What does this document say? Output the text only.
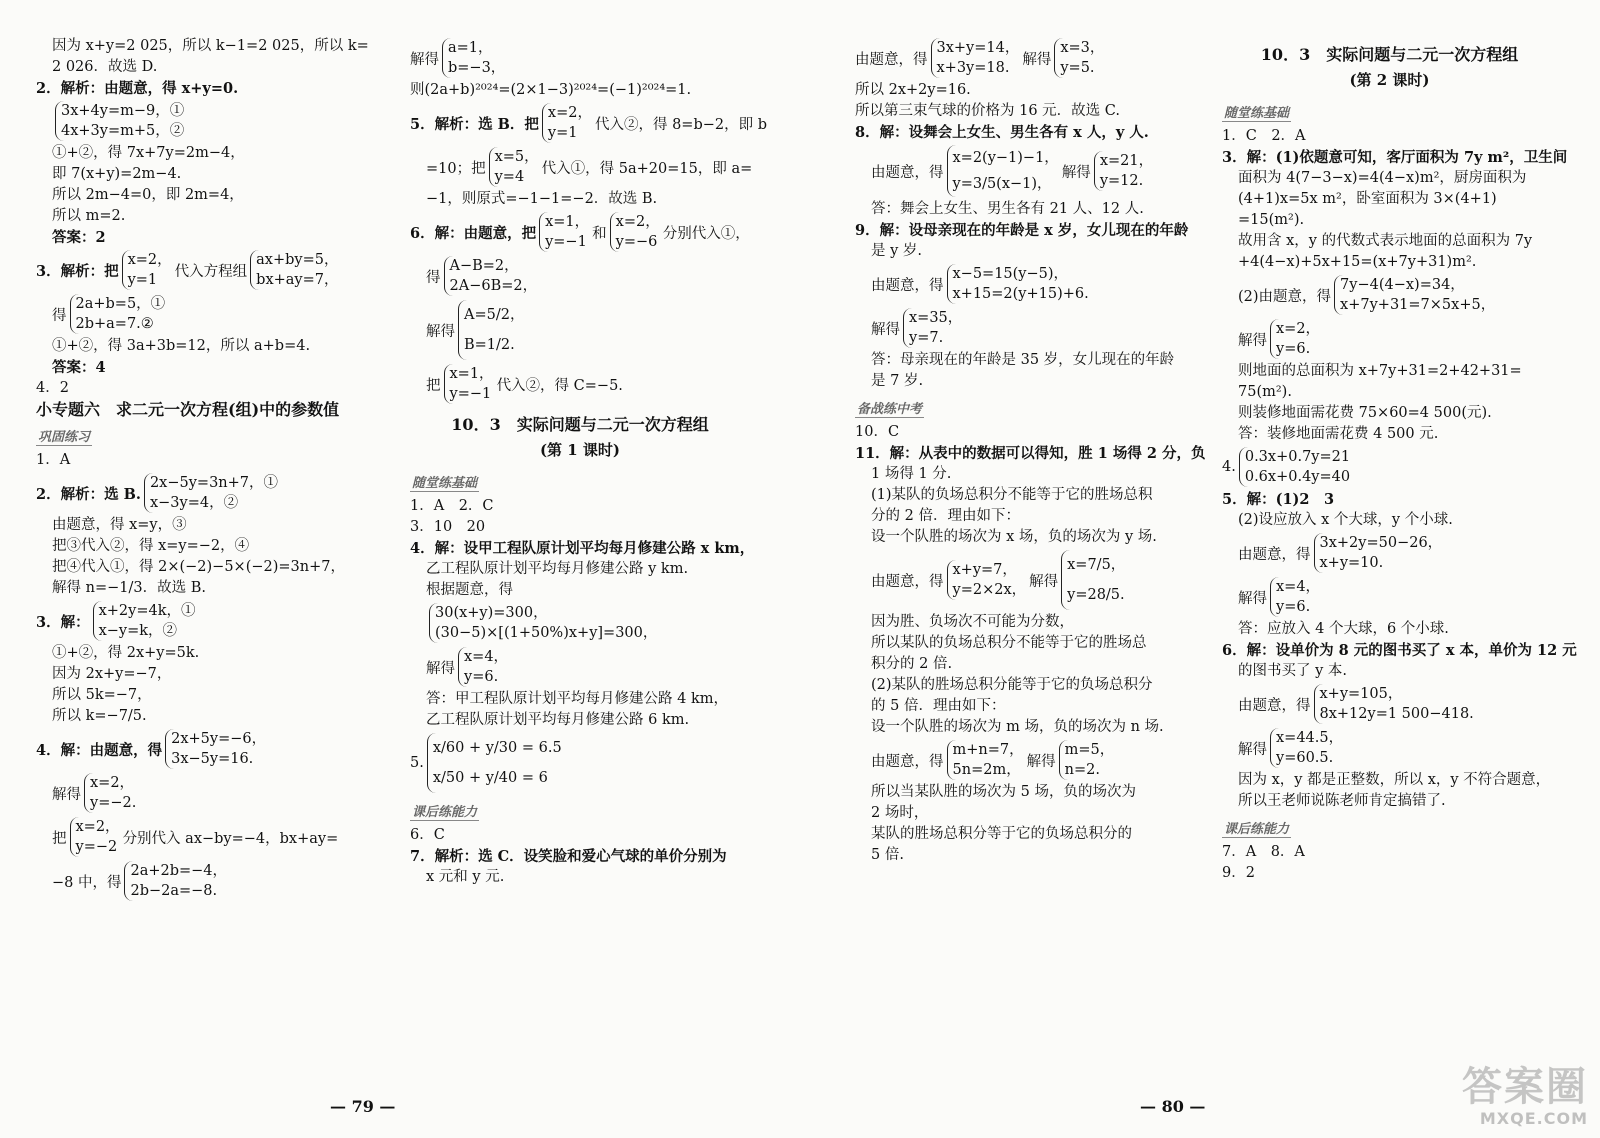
因为 x+y=2 025，所以 k−1=2 025，所以 k=

2 026．故选 D.

2．解析：由题意，得 x+y=0.

3x+4y=m−9，①
4x+3y=m+5，②

①+②，得 7x+7y=2m−4，

即 7(x+y)=2m−4.

所以 2m−4=0，即 2m=4，

所以 m=2.

答案：2

3．解析：把
x=2，
y=1
代入方程组
ax+by=5，
bx+ay=7，
得
2a+b=5，①
2b+a=7.②

①+②，得 3a+3b=12，所以 a+b=4.

答案：4

4．2

小专题六　求二元一次方程(组)中的参数值

巩固练习

1．A

2．解析：选 B.
2x−5y=3n+7，①
x−3y=4，②

由题意，得 x=y，③

把③代入②，得 x=y=−2，④

把④代入①，得 2×(−2)−5×(−2)=3n+7，

解得 n=−1/3．故选 B.

3．解：
x+2y=4k，①
x−y=k，②

①+②，得 2x+y=5k.

因为 2x+y=−7，

所以 5k=−7，

所以 k=−7/5.

4．解：由题意，得
2x+5y=−6，
3x−5y=16.
解得
x=2，
y=−2.
把
x=2，
y=−2
分别代入 ax−by=−4，bx+ay=
−8 中，得
2a+2b=−4，
2b−2a=−8.
解得
a=1，
b=−3，

则(2a+b)²⁰²⁴=(2×1−3)²⁰²⁴=(−1)²⁰²⁴=1.

5．解析：选 B．把
x=2，
y=1
代入②，得 8=b−2，即 b
=10；把
x=5，
y=4
代入①，得 5a+20=15，即 a=

−1，则原式=−1−1=−2．故选 B.

6．解：由题意，把
x=1，
y=−1
和
x=2，
y=−6
分别代入①，
得
A−B=2，
2A−6B=2，
解得
A=5/2，
B=1/2.
把
x=1，
y=−1
代入②，得 C=−5.
10．3　实际问题与二元一次方程组
(第 1 课时)
随堂练基础

1．A　2．C

3．10　20

4．解：设甲工程队原计划平均每月修建公路 x km，

乙工程队原计划平均每月修建公路 y km.

根据题意，得

30(x+y)=300，
(30−5)×[(1+50%)x+y]=300，
解得
x=4，
y=6.

答：甲工程队原计划平均每月修建公路 4 km，

乙工程队原计划平均每月修建公路 6 km.

5.
x/60 + y/30 = 6.5
x/50 + y/40 = 6
课后练能力

6．C

7．解析：选 C．设笑脸和爱心气球的单价分别为

x 元和 y 元.

由题意，得
3x+y=14，
x+3y=18.
解得
x=3，
y=5.

所以 2x+2y=16.

所以第三束气球的价格为 16 元．故选 C.

8．解：设舞会上女生、男生各有 x 人，y 人.

由题意，得
x=2(y−1)−1，
y=3/5(x−1)，
解得
x=21，
y=12.

答：舞会上女生、男生各有 21 人、12 人.

9．解：设母亲现在的年龄是 x 岁，女儿现在的年龄

是 y 岁.

由题意，得
x−5=15(y−5)，
x+15=2(y+15)+6.
解得
x=35，
y=7.

答：母亲现在的年龄是 35 岁，女儿现在的年龄

是 7 岁.

备战练中考

10．C

11．解：从表中的数据可以得知，胜 1 场得 2 分，负

1 场得 1 分.

(1)某队的负场总积分不能等于它的胜场总积

分的 2 倍．理由如下：

设一个队胜的场次为 x 场，负的场次为 y 场.

由题意，得
x+y=7，
y=2×2x，
解得
x=7/5，
y=28/5.

因为胜、负场次不可能为分数，

所以某队的负场总积分不能等于它的胜场总

积分的 2 倍.

(2)某队的胜场总积分能等于它的负场总积分

的 5 倍．理由如下：

设一个队胜的场次为 m 场，负的场次为 n 场.

由题意，得
m+n=7，
5n=2m，
解得
m=5，
n=2.

所以当某队胜的场次为 5 场，负的场次为

2 场时，

某队的胜场总积分等于它的负场总积分的

5 倍.

10．3　实际问题与二元一次方程组
(第 2 课时)
随堂练基础

1．C　2．A

3．解：(1)依题意可知，客厅面积为 7y m²，卫生间

面积为 4(7−3−x)=4(4−x)m²，厨房面积为

(4+1)x=5x m²，卧室面积为 3×(4+1)

=15(m²).

故用含 x，y 的代数式表示地面的总面积为 7y

+4(4−x)+5x+15=(x+7y+31)m².

(2)由题意，得
7y−4(4−x)=34，
x+7y+31=7×5x+5，
解得
x=2，
y=6.

则地面的总面积为 x+7y+31=2+42+31=

75(m²).

则装修地面需花费 75×60=4 500(元).

答：装修地面需花费 4 500 元.

4.
0.3x+0.7y=21
0.6x+0.4y=40

5．解：(1)2　3

(2)设应放入 x 个大球，y 个小球.

由题意，得
3x+2y=50−26，
x+y=10.
解得
x=4，
y=6.

答：应放入 4 个大球，6 个小球.

6．解：设单价为 8 元的图书买了 x 本，单价为 12 元

的图书买了 y 本.

由题意，得
x+y=105，
8x+12y=1 500−418.
解得
x=44.5，
y=60.5.

因为 x，y 都是正整数，所以 x，y 不符合题意，

所以王老师说陈老师肯定搞错了.

课后练能力

7．A　8．A

9．2

— 79 —	— 80 —	答案圈
MXQE.COM
